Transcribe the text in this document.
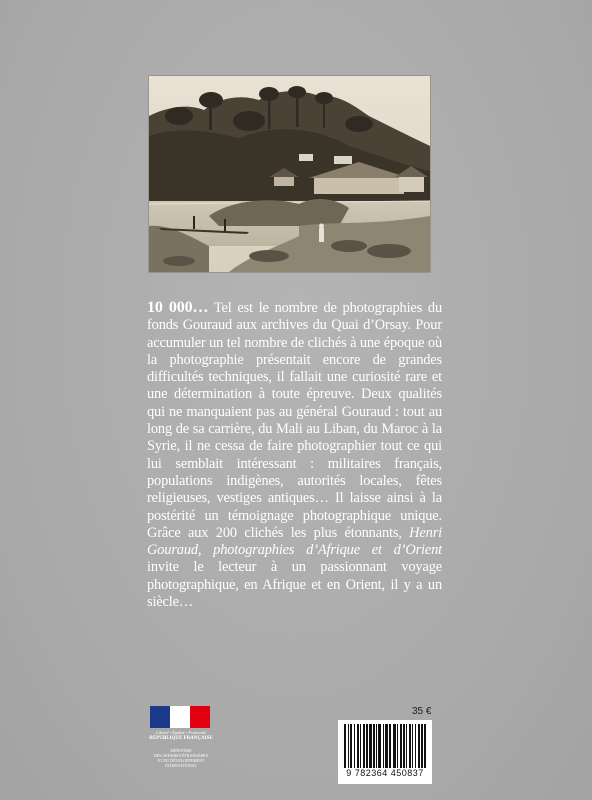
10 000… Tel est le nombre de photographies du fonds Gouraud aux archives du Quai d’Orsay. Pour accumuler un tel nombre de clichés à une époque où la photographie présentait encore de grandes difficultés techniques, il fallait une curiosité rare et une détermination à toute épreuve. Deux qualités qui ne manquaient pas au général Gouraud : tout au long de sa carrière, du Mali au Liban, du Maroc à la Syrie, il ne cessa de faire photographier tout ce qui lui semblait intéressant : militaires français, populations indigènes, autorités locales, fêtes religieuses, vestiges antiques… Il laisse ainsi à la postérité un témoignage photographique unique. Grâce aux 200 clichés les plus étonnants, Henri Gouraud, photographies d’Afrique et d’Orient invite le lecteur à un passionnant voyage photographique, en Afrique et en Orient, il y a un siècle…
Liberté • Égalité • Fraternité
RÉPUBLIQUE FRANÇAISE
MINISTÈRE
DES AFFAIRES ÉTRANGÈRES
ET DU DÉVELOPPEMENT
INTERNATIONAL
35 €
9 782364 450837
